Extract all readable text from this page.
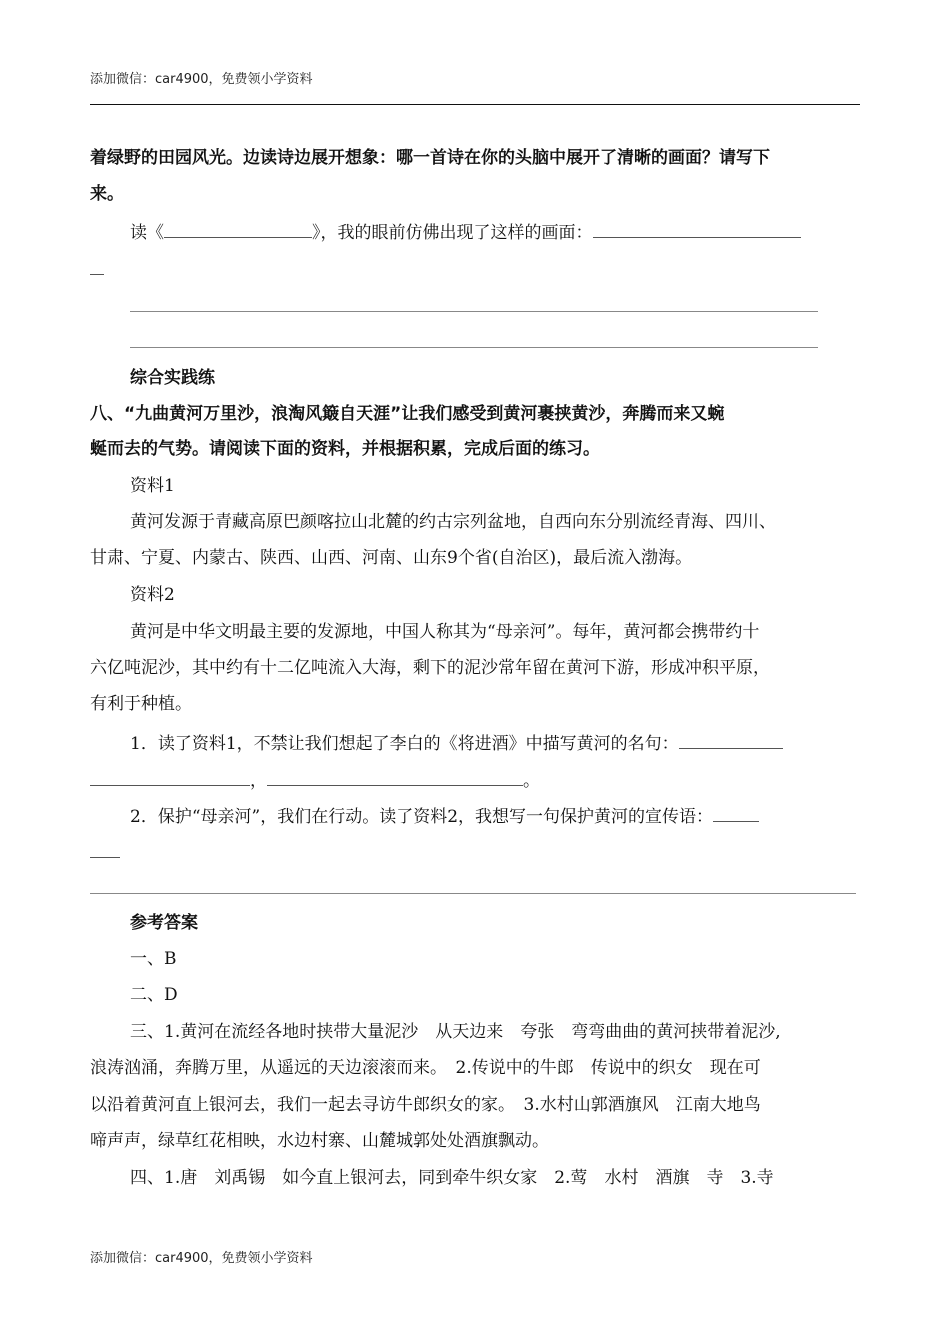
添加微信：car4900，免费领小学资料
着绿野的田园风光。边读诗边展开想象：哪一首诗在你的头脑中展开了清晰的画面？请写下
来。
读《	》，我的眼前仿佛出现了这样的画面：
综合实践练
八、“九曲黄河万里沙，浪淘风簸自天涯”让我们感受到黄河裹挟黄沙，奔腾而来又蜿
蜒而去的气势。请阅读下面的资料，并根据积累，完成后面的练习。
资料1
黄河发源于青藏高原巴颜喀拉山北麓的约古宗列盆地，自西向东分别流经青海、四川、
甘肃、宁夏、内蒙古、陕西、山西、河南、山东9个省(自治区)，最后流入渤海。
资料2
黄河是中华文明最主要的发源地，中国人称其为“母亲河”。每年，黄河都会携带约十
六亿吨泥沙，其中约有十二亿吨流入大海，剩下的泥沙常年留在黄河下游，形成冲积平原，
有利于种植。
1．读了资料1，不禁让我们想起了李白的《将进酒》中描写黄河的名句：
，	。
2．保护“母亲河”，我们在行动。读了资料2，我想写一句保护黄河的宣传语：
参考答案
一、B
二、D
三、1.黄河在流经各地时挟带大量泥沙　从天边来　夸张　弯弯曲曲的黄河挟带着泥沙,
浪涛汹涌，奔腾万里，从遥远的天边滚滚而来。　2.传说中的牛郎　传说中的织女　现在可
以沿着黄河直上银河去，我们一起去寻访牛郎织女的家。　3.水村山郭酒旗风　江南大地鸟
啼声声，绿草红花相映，水边村寨、山麓城郭处处酒旗飘动。
四、1.唐　刘禹锡　如今直上银河去，同到牵牛织女家　2.莺　水村　酒旗　寺　3.寺
添加微信：car4900，免费领小学资料
